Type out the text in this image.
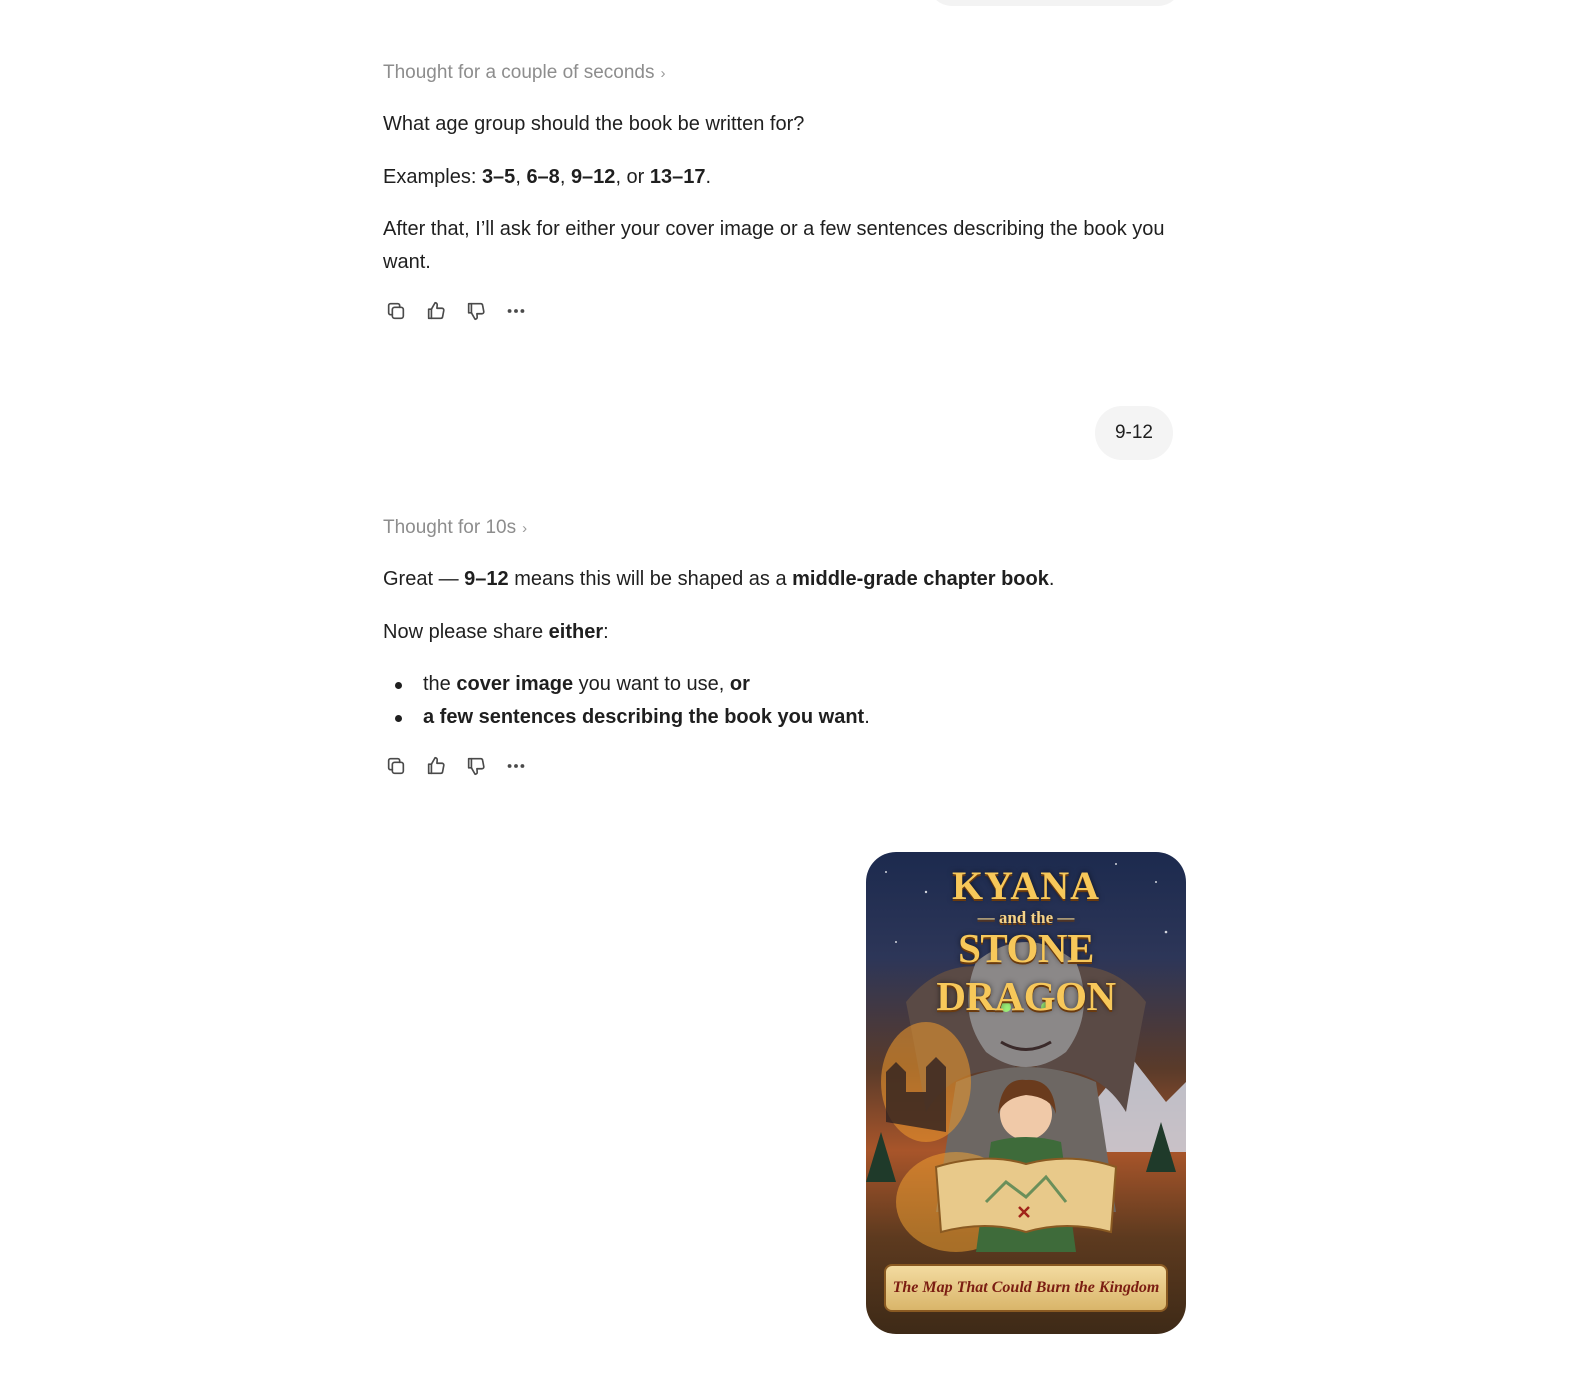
Thought for a couple of seconds ›

What age group should the book be written for?

Examples: 3–5, 6–8, 9–12, or 13–17.

After that, I’ll ask for either your cover image or a few sentences describing the book you want.

9-12
Thought for 10s ›

Great — 9–12 means this will be shaped as a middle-grade chapter book.

Now please share either:

the cover image you want to use, or
a few sentences describing the book you want.
KYANA
— and the —
STONE DRAGON
The Map That Could Burn the Kingdom
